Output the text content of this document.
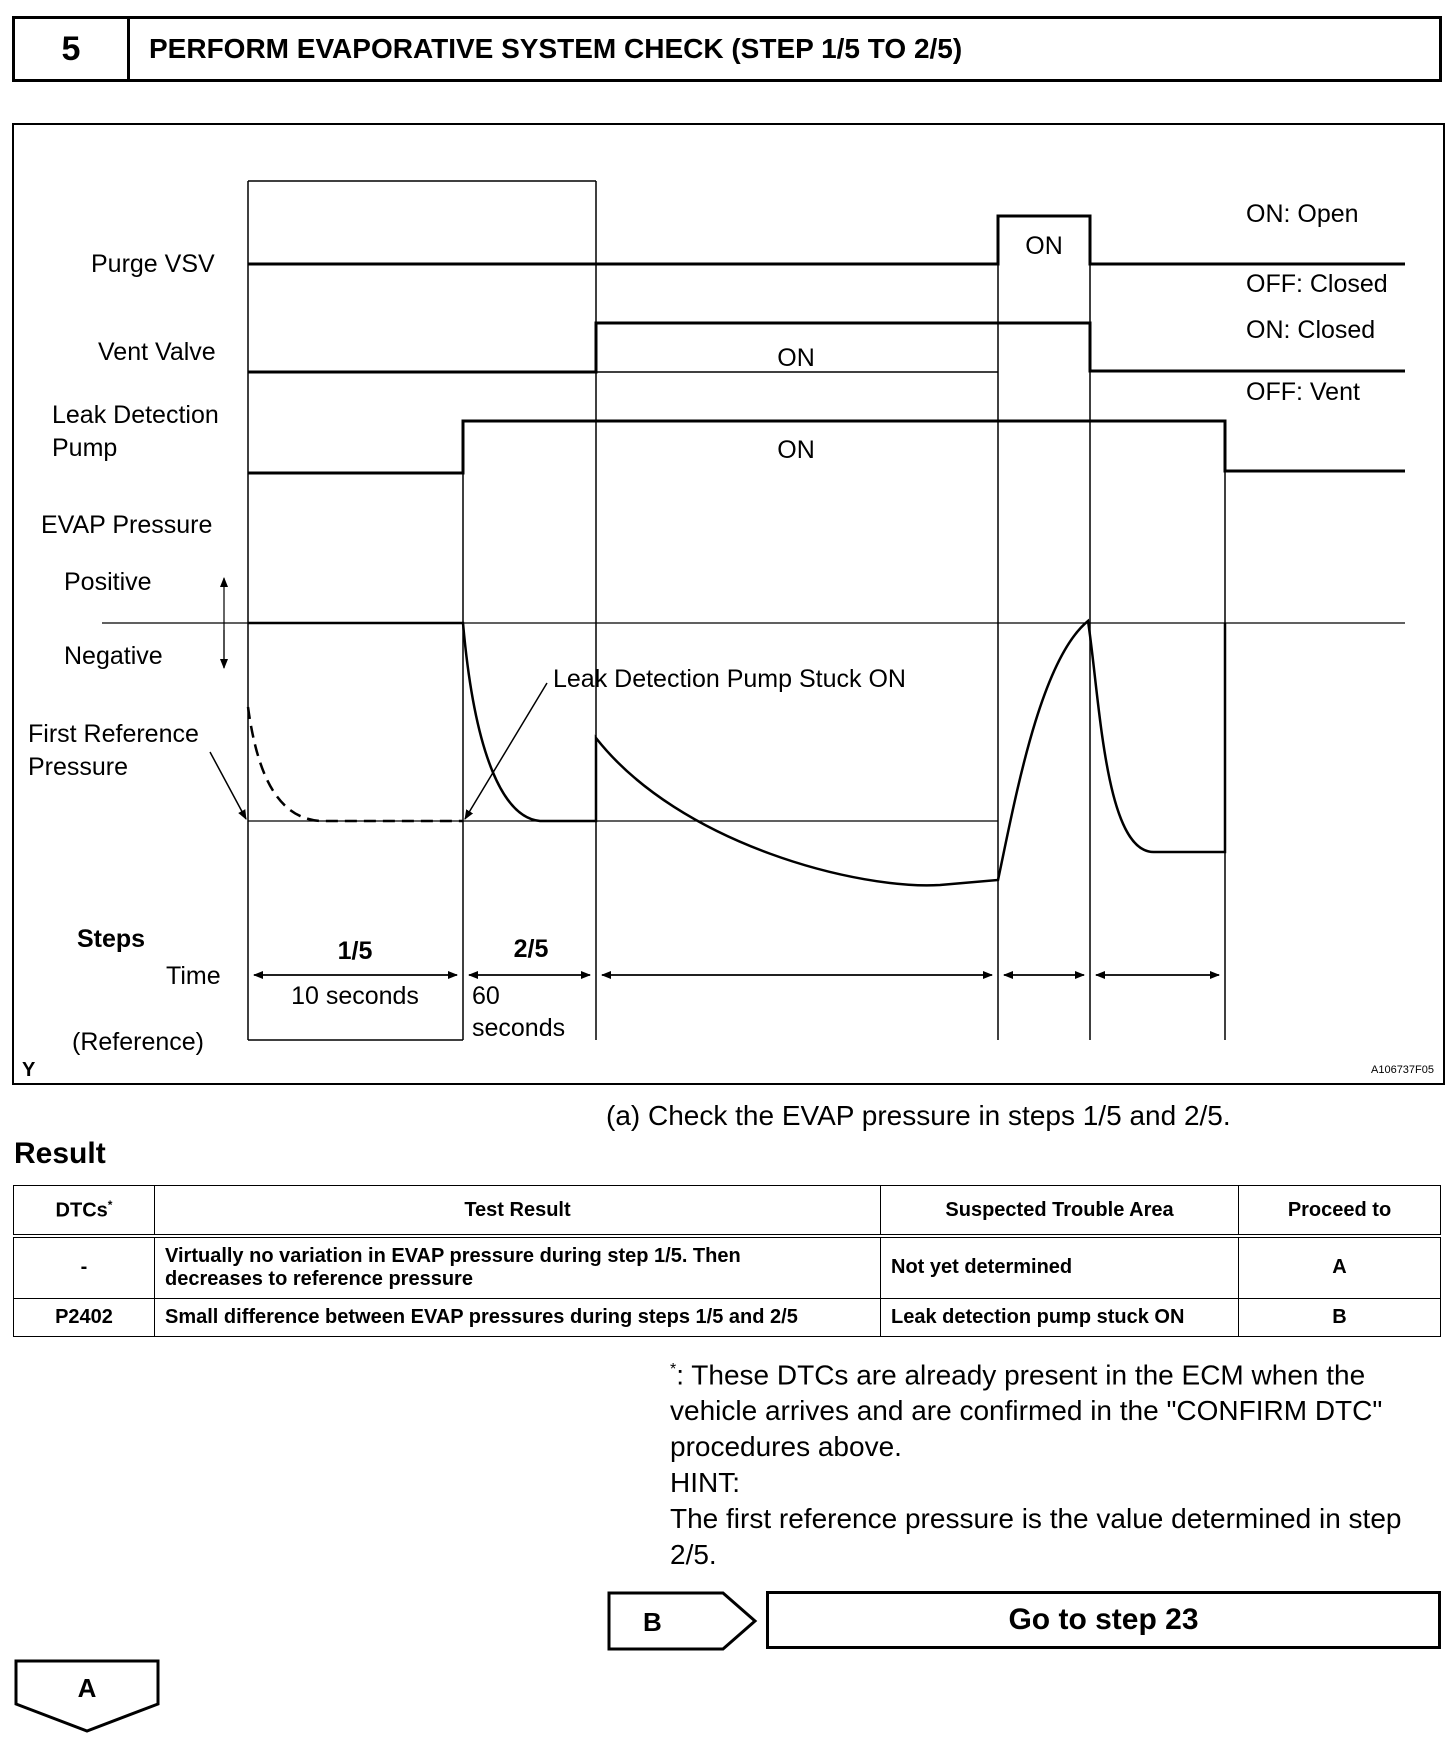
5	PERFORM EVAPORATIVE SYSTEM CHECK (STEP 1/5 TO 2/5)
Purge VSV
Vent Valve
Leak Detection
Pump
EVAP Pressure
Positive
Negative
First Reference
Pressure
Time
(Reference)
ON: Open
OFF: Closed
ON: Closed
OFF: Vent
ON
ON
ON
Leak Detection Pump Stuck ON
10 seconds 60
seconds
Steps	1/5	2/5
Y	A106737F05
B
A
(a) Check the EVAP pressure in steps 1/5 and 2/5.
Result
DTCs*	Test Result	Suspected Trouble Area	Proceed to
-	Virtually no variation in EVAP pressure during step 1/5. Then
decreases to reference pressure	Not yet determined	A
P2402	Small difference between EVAP pressures during steps 1/5 and 2/5	Leak detection pump stuck ON	B
*: These DTCs are already present in the ECM when the vehicle arrives and are confirmed in the "CONFIRM DTC" procedures above.
HINT:
The first reference pressure is the value determined in step 2/5.
Go to step 23
